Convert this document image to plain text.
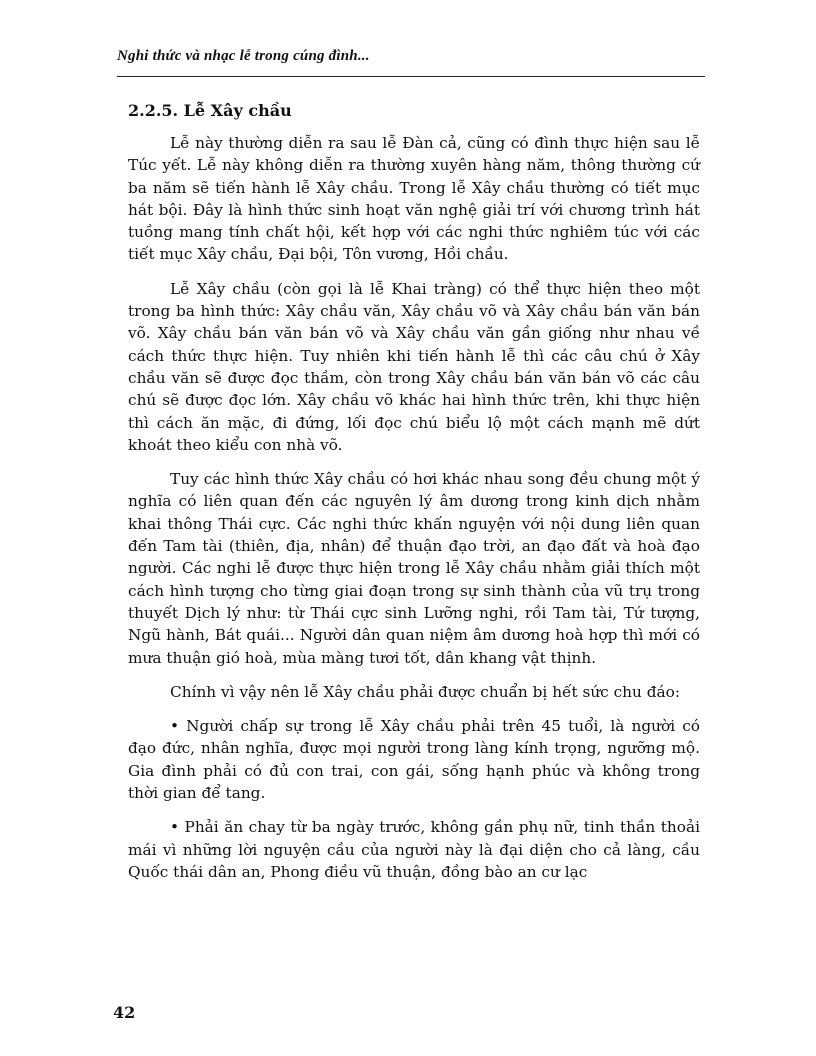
Nghi thức và nhạc lễ trong cúng đình...
2.2.5. Lễ Xây chầu

Lễ này thường diễn ra sau lễ Đàn cả, cũng có đình thực hiện sau lễ Túc yết. Lễ này không diễn ra thường xuyên hàng năm, thông thường cứ ba năm sẽ tiến hành lễ Xây chầu. Trong lễ Xây chầu thường có tiết mục hát bội. Đây là hình thức sinh hoạt văn nghệ giải trí với chương trình hát tuồng mang tính chất hội, kết hợp với các nghi thức nghiêm túc với các tiết mục Xây chầu, Đại bội, Tôn vương, Hồi chầu.

Lễ Xây chầu (còn gọi là lễ Khai tràng) có thể thực hiện theo một trong ba hình thức: Xây chầu văn, Xây chầu võ và Xây chầu bán văn bán võ. Xây chầu bán văn bán võ và Xây chầu văn gần giống như nhau về cách thức thực hiện. Tuy nhiên khi tiến hành lễ thì các câu chú ở Xây chầu văn sẽ được đọc thầm, còn trong Xây chầu bán văn bán võ các câu chú sẽ được đọc lớn. Xây chầu võ khác hai hình thức trên, khi thực hiện thì cách ăn mặc, đi đứng, lối đọc chú biểu lộ một cách mạnh mẽ dứt khoát theo kiểu con nhà võ.

Tuy các hình thức Xây chầu có hơi khác nhau song đều chung một ý nghĩa có liên quan đến các nguyên lý âm dương trong kinh dịch nhằm khai thông Thái cực. Các nghi thức khấn nguyện với nội dung liên quan đến Tam tài (thiên, địa, nhân) để thuận đạo trời, an đạo đất và hoà đạo người. Các nghi lễ được thực hiện trong lễ Xây chầu nhằm giải thích một cách hình tượng cho từng giai đoạn trong sự sinh thành của vũ trụ trong thuyết Dịch lý như: từ Thái cực sinh Lưỡng nghi, rồi Tam tài, Tứ tượng, Ngũ hành, Bát quái... Người dân quan niệm âm dương hoà hợp thì mới có mưa thuận gió hoà, mùa màng tươi tốt, dân khang vật thịnh.

Chính vì vậy nên lễ Xây chầu phải được chuẩn bị hết sức chu đáo:

• Người chấp sự trong lễ Xây chầu phải trên 45 tuổi, là người có đạo đức, nhân nghĩa, được mọi người trong làng kính trọng, ngưỡng mộ. Gia đình phải có đủ con trai, con gái, sống hạnh phúc và không trong thời gian để tang.

• Phải ăn chay từ ba ngày trước, không gần phụ nữ, tinh thần thoải mái vì những lời nguyện cầu của người này là đại diện cho cả làng, cầu Quốc thái dân an, Phong điều vũ thuận, đồng bào an cư lạc

42
